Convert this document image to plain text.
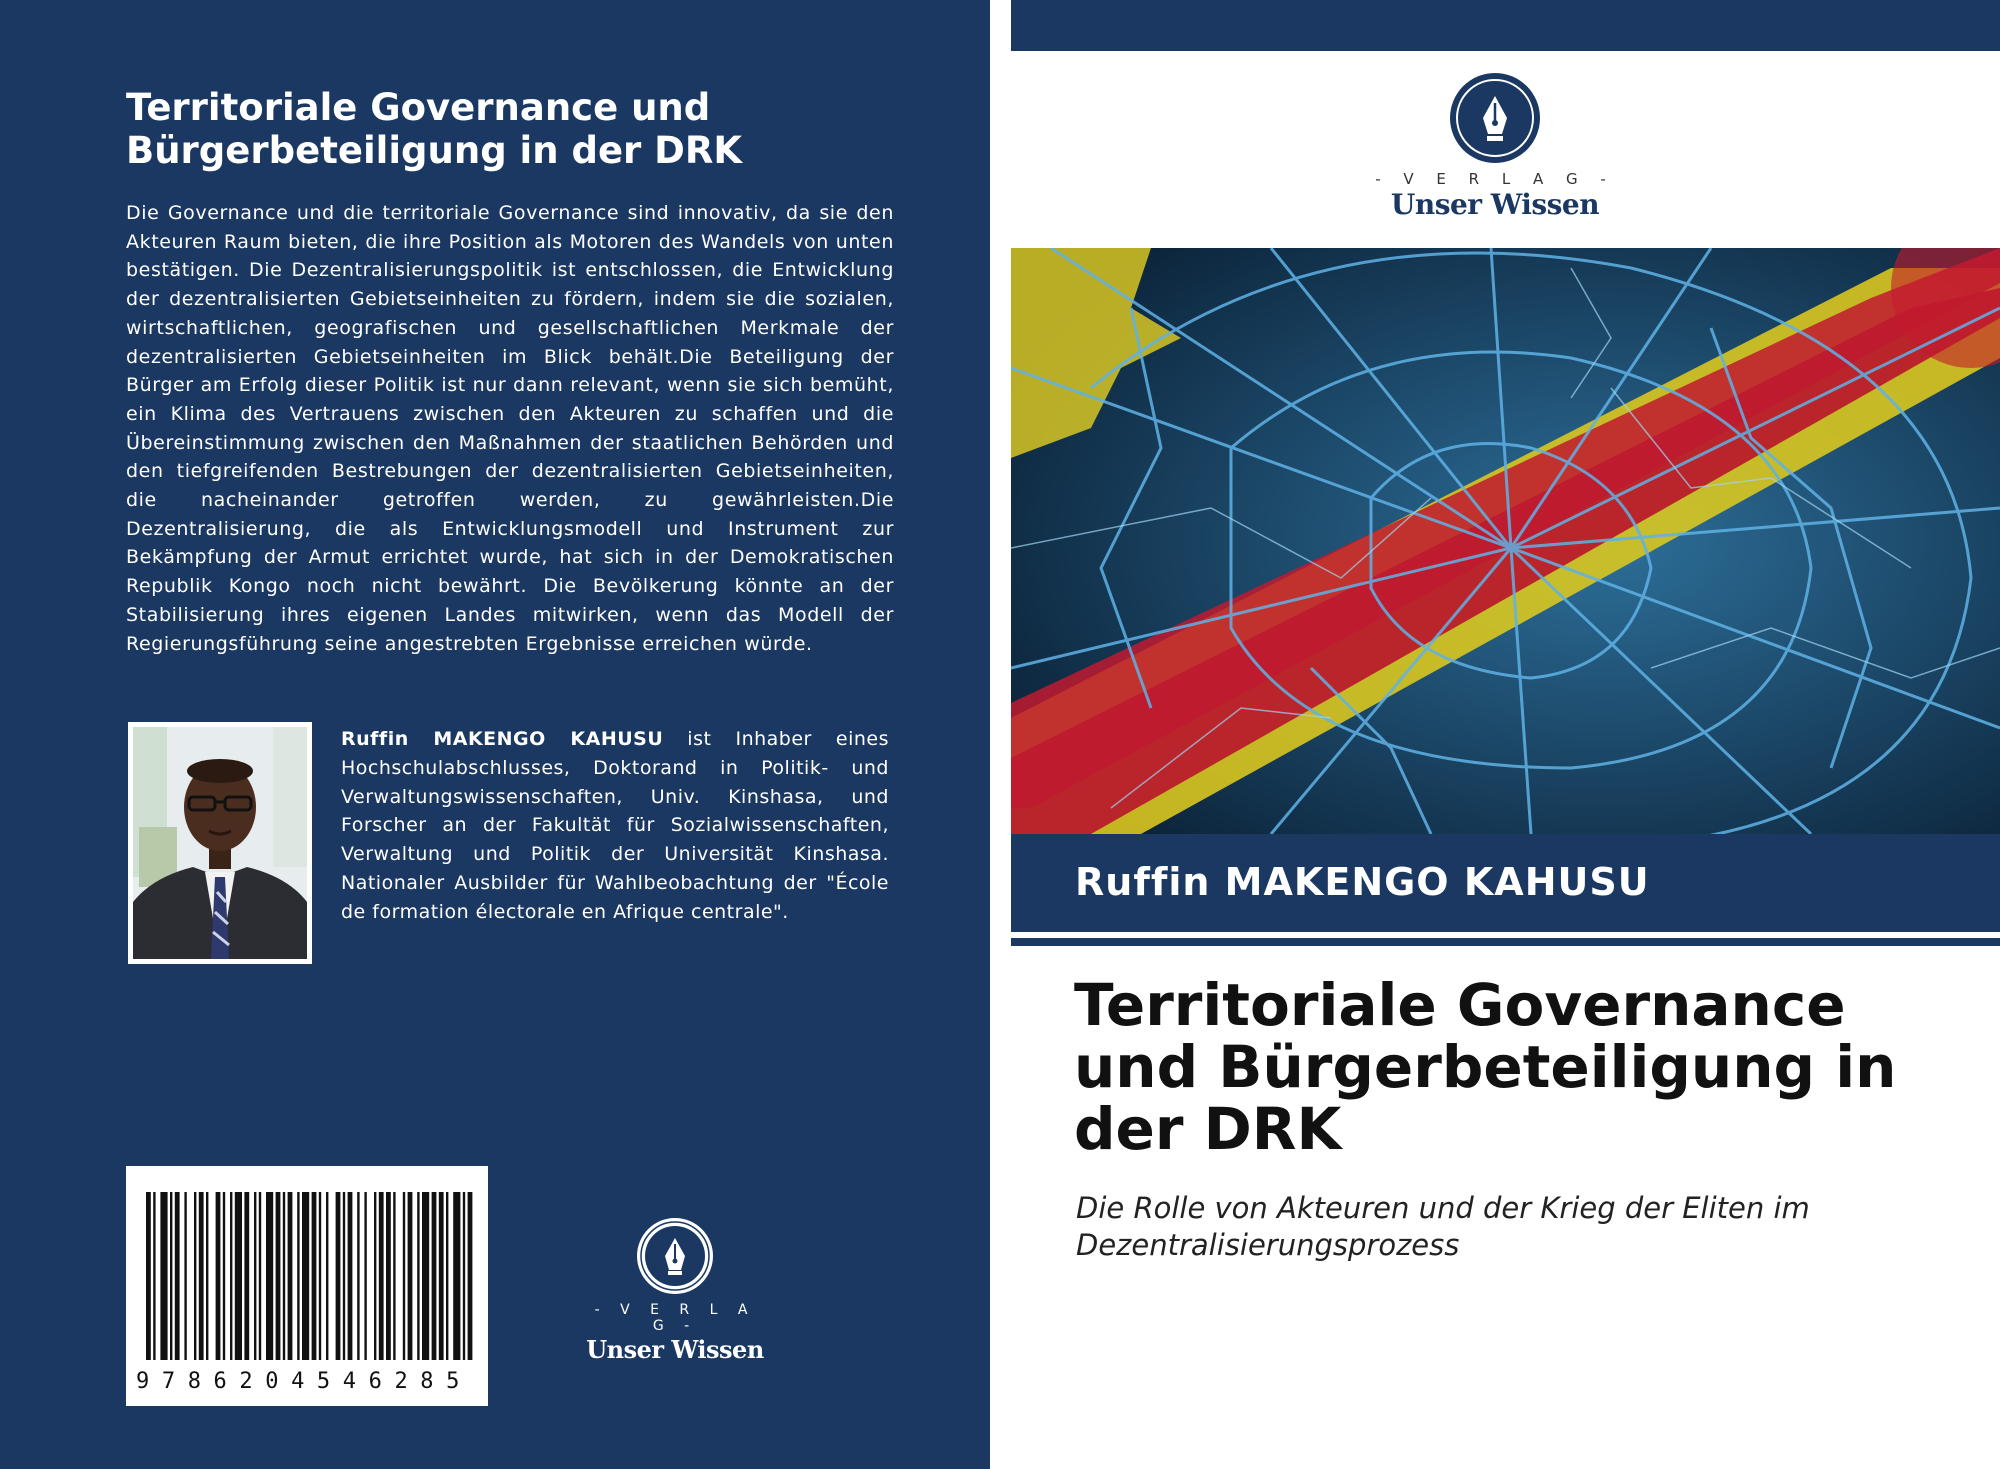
Territoriale Governance und Bürgerbeteiligung in der DRK
Die Governance und die territoriale Governance sind innovativ, da sie den Akteuren Raum bieten, die ihre Position als Motoren des Wandels von unten bestätigen. Die Dezentralisierungspolitik ist entschlossen, die Entwicklung der dezentralisierten Gebietseinheiten zu fördern, indem sie die sozialen, wirtschaftlichen, geografischen und gesellschaftlichen Merkmale der dezentralisierten Gebietseinheiten im Blick behält.Die Beteiligung der Bürger am Erfolg dieser Politik ist nur dann relevant, wenn sie sich bemüht, ein Klima des Vertrauens zwischen den Akteuren zu schaffen und die Übereinstimmung zwischen den Maßnahmen der staatlichen Behörden und den tiefgreifenden Bestrebungen der dezentralisierten Gebietseinheiten, die nacheinander getroffen werden, zu gewährleisten.Die Dezentralisierung, die als Entwicklungsmodell und Instrument zur Bekämpfung der Armut errichtet wurde, hat sich in der Demokratischen Republik Kongo noch nicht bewährt. Die Bevölkerung könnte an der Stabilisierung ihres eigenen Landes mitwirken, wenn das Modell der Regierungsführung seine angestrebten Ergebnisse erreichen würde.
Ruffin MAKENGO KAHUSU ist Inhaber eines Hochschulabschlusses, Doktorand in Politik- und Verwaltungswissenschaften, Univ. Kinshasa, und Forscher an der Fakultät für Sozialwissenschaften, Verwaltung und Politik der Universität Kinshasa. Nationaler Ausbilder für Wahlbeobachtung der "École de formation électorale en Afrique centrale".
9786204546285
- V E R L A G -
Unser Wissen
- V E R L A G -
Unser Wissen
Ruffin MAKENGO KAHUSU
Territoriale Governance und Bürgerbeteiligung in der DRK
Die Rolle von Akteuren und der Krieg der Eliten im Dezentralisierungsprozess
